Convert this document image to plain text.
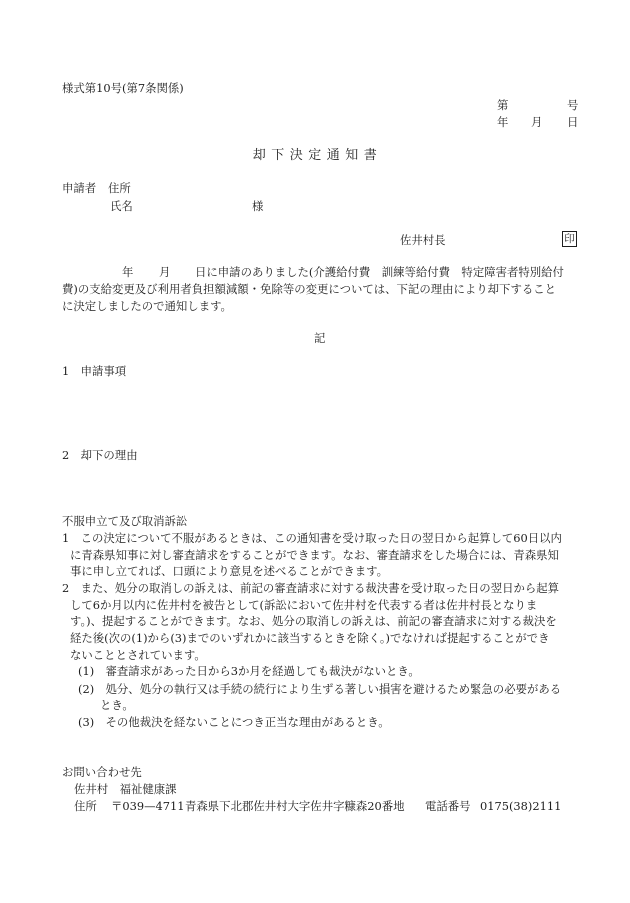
様式第10号(第7条関係)
第	号
年 月 日
却下決定通知書
申請者 住所
氏名	様
佐井村長	印
年 月 日に申請のありました(介護給付費　訓練等給付費　特定障害者特別給付
費)の支給変更及び利用者負担額減額・免除等の変更については、下記の理由により却下すること
に決定しましたので通知します。
記
1　申請事項
2　却下の理由
不服申立て及び取消訴訟
1　この決定について不服があるときは、この通知書を受け取った日の翌日から起算して60日以内
に青森県知事に対し審査請求をすることができます。なお、審査請求をした場合には、青森県知
事に申し立てれば、口頭により意見を述べることができます。
2　また、処分の取消しの訴えは、前記の審査請求に対する裁決書を受け取った日の翌日から起算
して6か月以内に佐井村を被告として(訴訟において佐井村を代表する者は佐井村長となりま
す。)、提起することができます。なお、処分の取消しの訴えは、前記の審査請求に対する裁決を
経た後(次の(1)から(3)までのいずれかに該当するときを除く。)でなければ提起することができ
ないこととされています。
(1)　審査請求があった日から3か月を経過しても裁決がないとき。
(2)　処分、処分の執行又は手続の続行により生ずる著しい損害を避けるため緊急の必要がある
とき。
(3)　その他裁決を経ないことにつき正当な理由があるとき。
お問い合わせ先
佐井村　福祉健康課
住所 〒039—4711 青森県下北郡佐井村大字佐井字糠森20番地 電話番号 0175(38)2111
